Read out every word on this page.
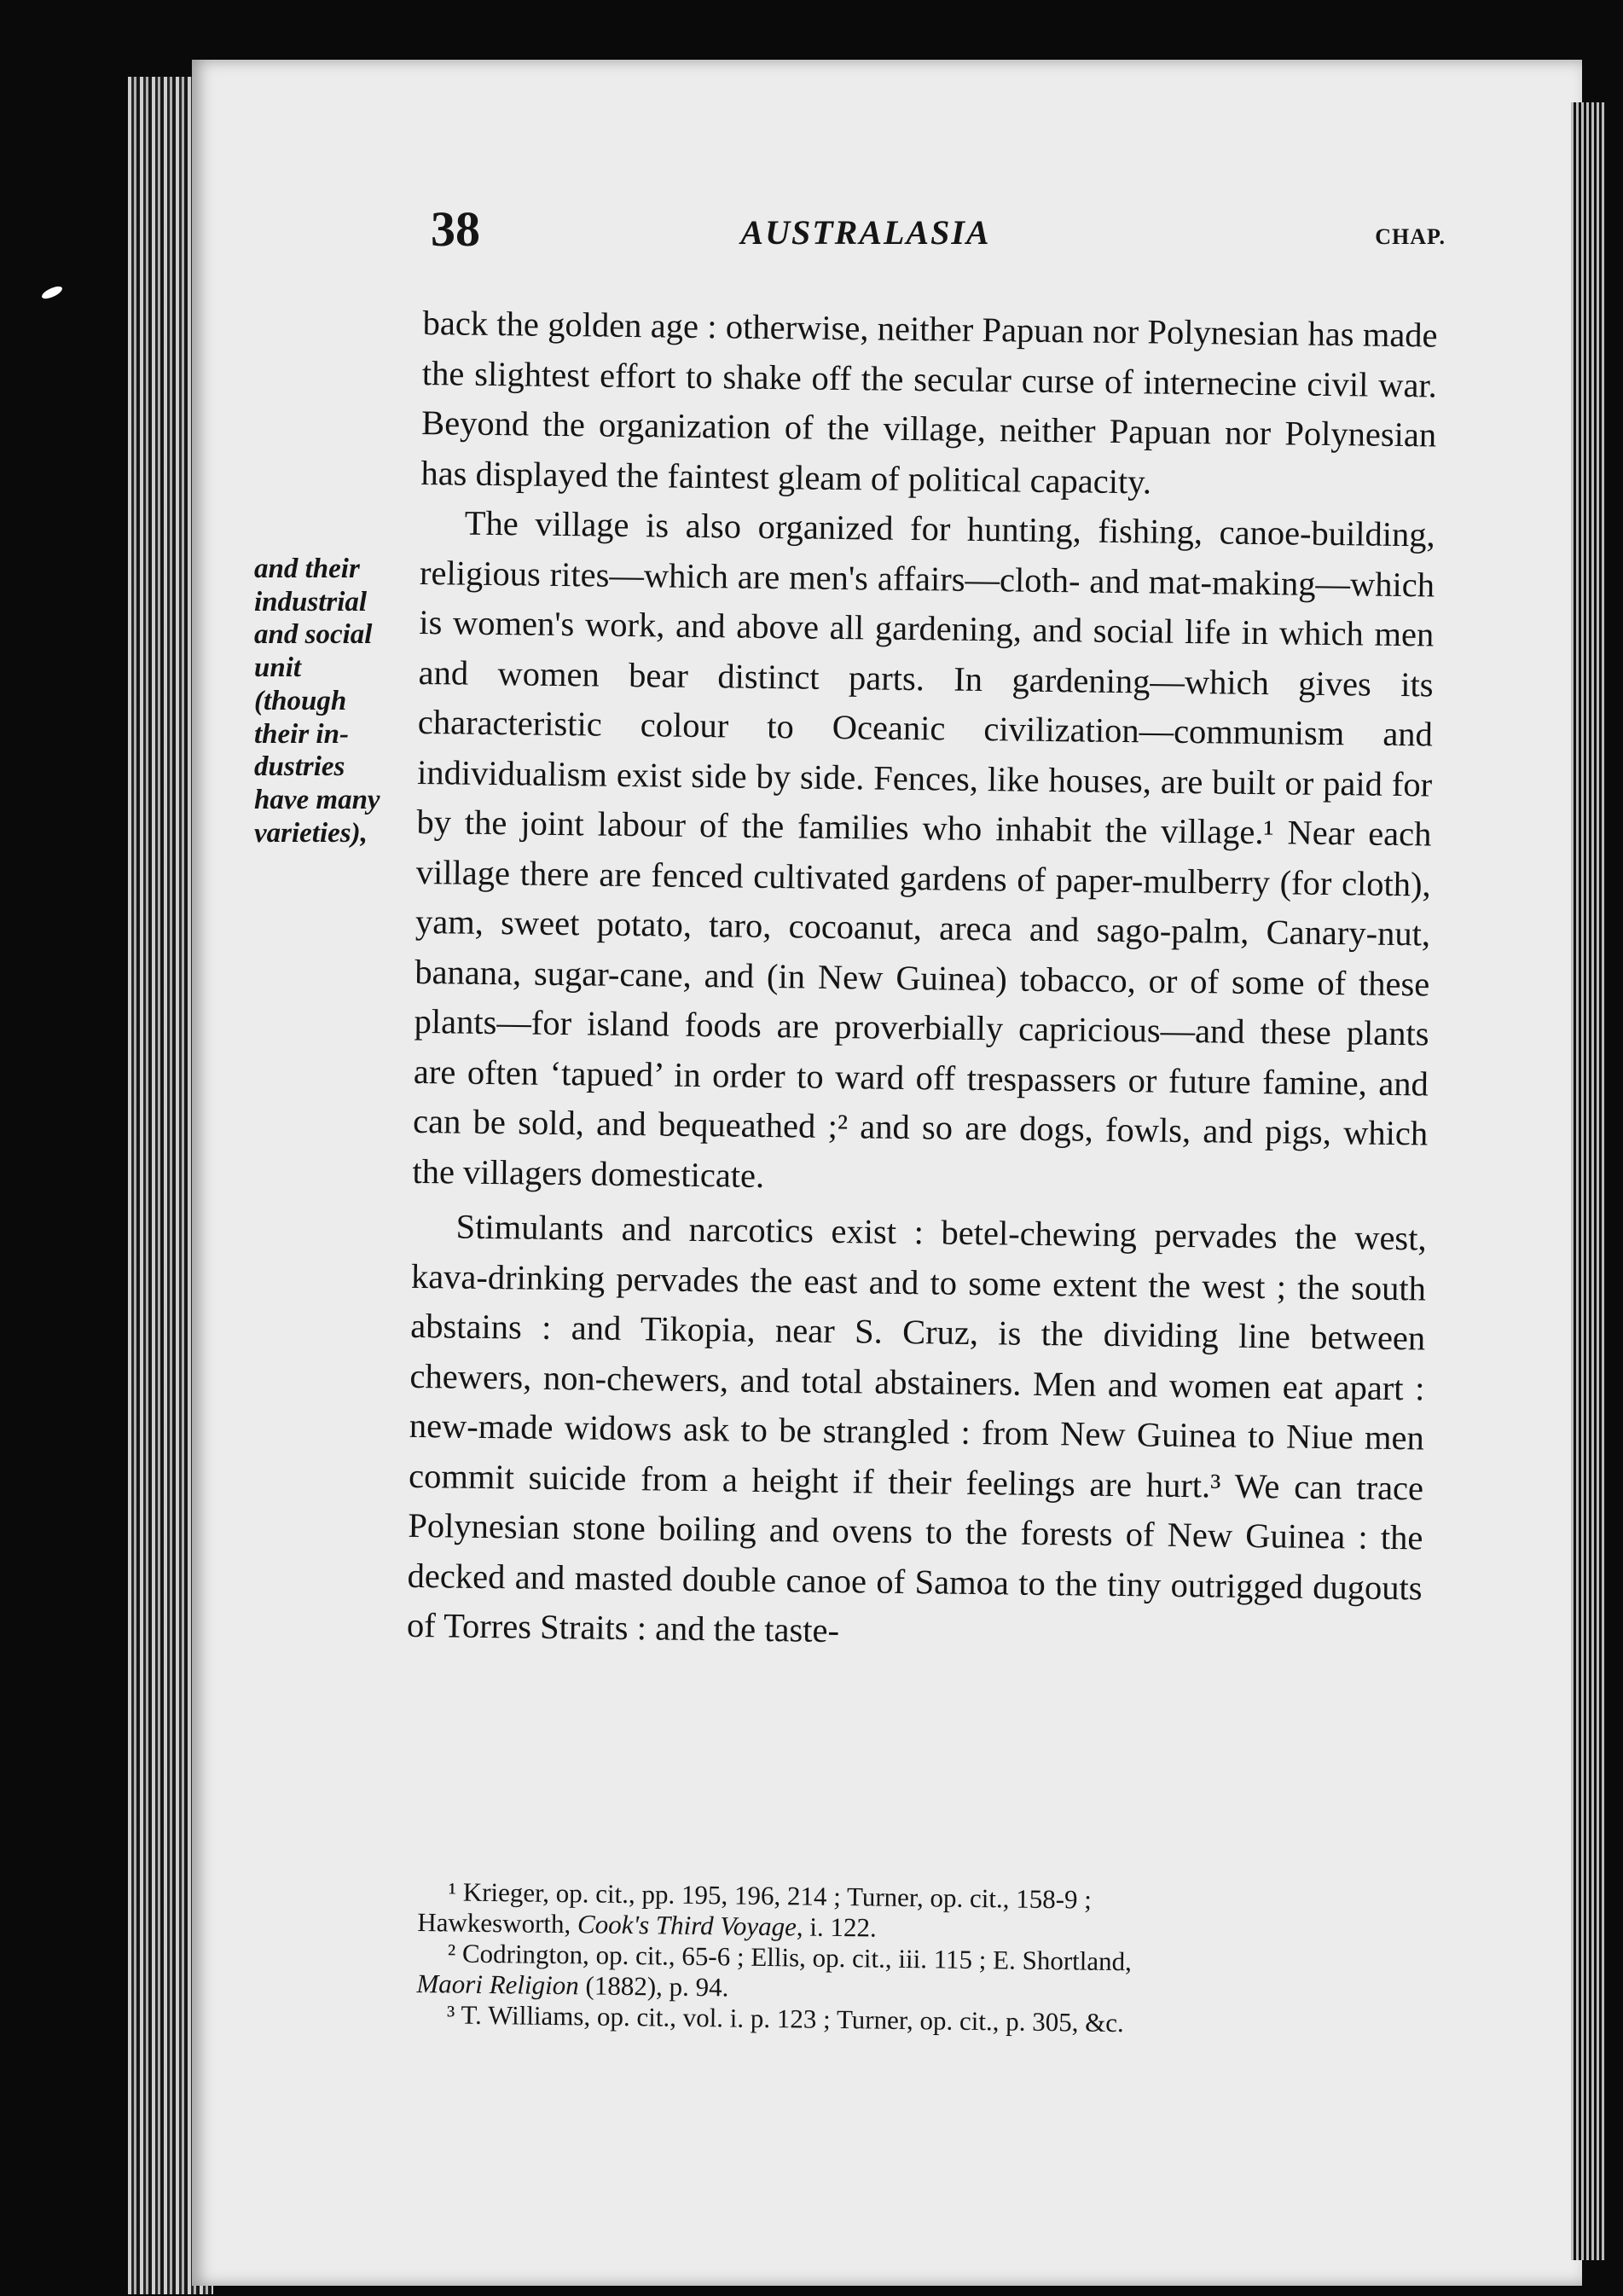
38	AUSTRALASIA	CHAP.
and their
industrial
and social
unit
(though
their in-
dustries
have many
varieties),

back the golden age : otherwise, neither Papuan nor Polynesian has made the slightest effort to shake off the secular curse of internecine civil war. Beyond the organization of the village, neither Papuan nor Polynesian has displayed the faintest gleam of political capacity.

The village is also organized for hunting, fishing, canoe-building, religious rites—which are men's affairs—cloth- and mat-making—which is women's work, and above all gardening, and social life in which men and women bear distinct parts. In gardening—which gives its characteristic colour to Oceanic civilization—communism and individualism exist side by side. Fences, like houses, are built or paid for by the joint labour of the families who inhabit the village.¹ Near each village there are fenced cultivated gardens of paper-mulberry (for cloth), yam, sweet potato, taro, cocoanut, areca and sago-palm, Canary-nut, banana, sugar-cane, and (in New Guinea) tobacco, or of some of these plants—for island foods are proverbially capricious—and these plants are often ‘tapued’ in order to ward off trespassers or future famine, and can be sold, and bequeathed ;² and so are dogs, fowls, and pigs, which the villagers domesticate.

Stimulants and narcotics exist : betel-chewing pervades the west, kava-drinking pervades the east and to some extent the west ; the south abstains : and Tikopia, near S. Cruz, is the dividing line between chewers, non-chewers, and total abstainers. Men and women eat apart : new-made widows ask to be strangled : from New Guinea to Niue men commit suicide from a height if their feelings are hurt.³ We can trace Polynesian stone boiling and ovens to the forests of New Guinea : the decked and masted double canoe of Samoa to the tiny outrigged dugouts of Torres Straits : and the taste-

¹ Krieger, op. cit., pp. 195, 196, 214 ; Turner, op. cit., 158-9 ;
Hawkesworth, Cook's Third Voyage, i. 122.
² Codrington, op. cit., 65-6 ; Ellis, op. cit., iii. 115 ; E. Shortland,
Maori Religion (1882), p. 94.
³ T. Williams, op. cit., vol. i. p. 123 ; Turner, op. cit., p. 305, &c.
